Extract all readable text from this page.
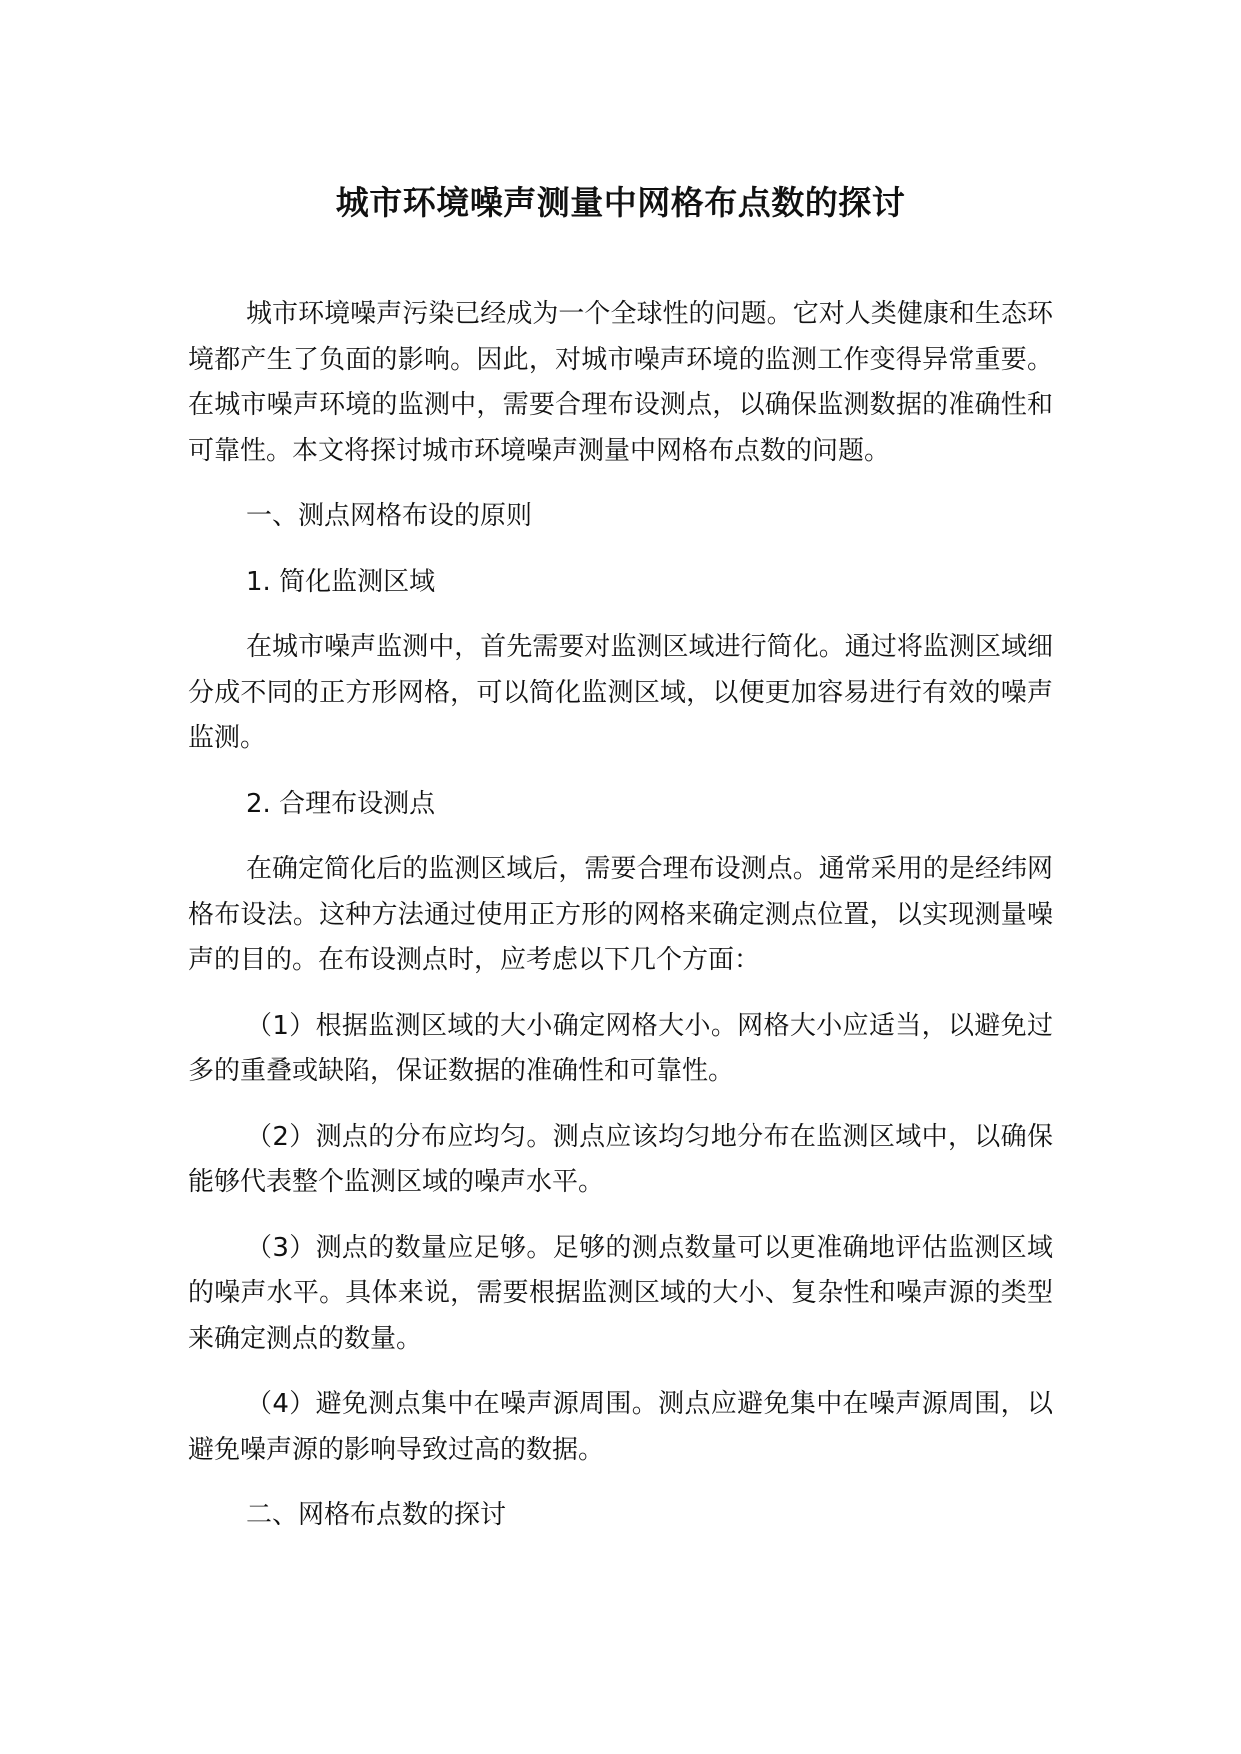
城市环境噪声测量中网格布点数的探讨

城市环境噪声污染已经成为一个全球性的问题。它对人类健康和生态环境都产生了负面的影响。因此，对城市噪声环境的监测工作变得异常重要。在城市噪声环境的监测中，需要合理布设测点，以确保监测数据的准确性和可靠性。本文将探讨城市环境噪声测量中网格布点数的问题。

一、测点网格布设的原则

1. 简化监测区域

在城市噪声监测中，首先需要对监测区域进行简化。通过将监测区域细分成不同的正方形网格，可以简化监测区域，以便更加容易进行有效的噪声监测。

2. 合理布设测点

在确定简化后的监测区域后，需要合理布设测点。通常采用的是经纬网格布设法。这种方法通过使用正方形的网格来确定测点位置，以实现测量噪声的目的。在布设测点时，应考虑以下几个方面：

（1）根据监测区域的大小确定网格大小。网格大小应适当，以避免过多的重叠或缺陷，保证数据的准确性和可靠性。

（2）测点的分布应均匀。测点应该均匀地分布在监测区域中，以确保能够代表整个监测区域的噪声水平。

（3）测点的数量应足够。足够的测点数量可以更准确地评估监测区域的噪声水平。具体来说，需要根据监测区域的大小、复杂性和噪声源的类型来确定测点的数量。

（4）避免测点集中在噪声源周围。测点应避免集中在噪声源周围，以避免噪声源的影响导致过高的数据。

二、网格布点数的探讨
